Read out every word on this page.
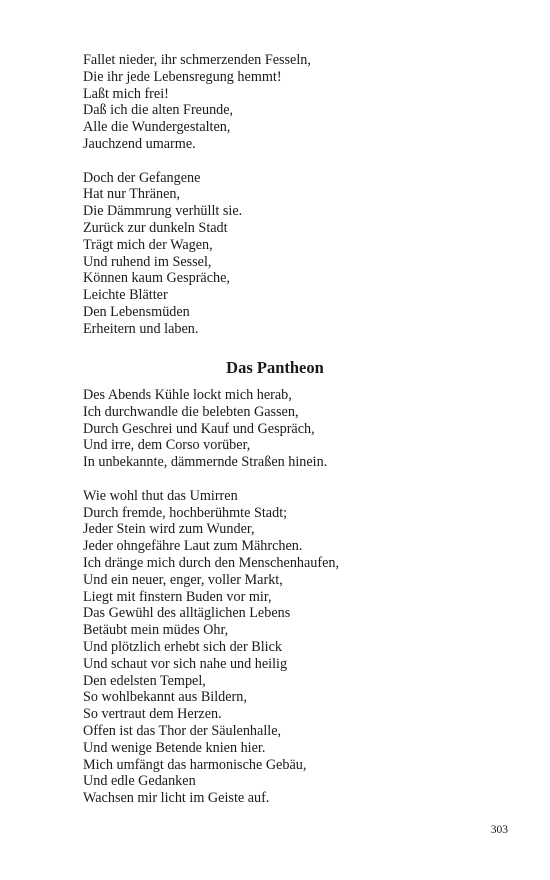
Fallet nieder, ihr schmerzenden Fesseln,
Die ihr jede Lebensregung hemmt!
Laßt mich frei!
Daß ich die alten Freunde,
Alle die Wundergestalten,
Jauchzend umarme.

Doch der Gefangene
Hat nur Thränen,
Die Dämmrung verhüllt sie.
Zurück zur dunkeln Stadt
Trägt mich der Wagen,
Und ruhend im Sessel,
Können kaum Gespräche,
Leichte Blätter
Den Lebensmüden
Erheitern und laben.

Das Pantheon

Des Abends Kühle lockt mich herab,
Ich durchwandle die belebten Gassen,
Durch Geschrei und Kauf und Gespräch,
Und irre, dem Corso vorüber,
In unbekannte, dämmernde Straßen hinein.

Wie wohl thut das Umirren
Durch fremde, hochberühmte Stadt;
Jeder Stein wird zum Wunder,
Jeder ohngefähre Laut zum Mährchen.
Ich dränge mich durch den Menschenhaufen,
Und ein neuer, enger, voller Markt,
Liegt mit finstern Buden vor mir,
Das Gewühl des alltäglichen Lebens
Betäubt mein müdes Ohr,
Und plötzlich erhebt sich der Blick
Und schaut vor sich nahe und heilig
Den edelsten Tempel,
So wohlbekannt aus Bildern,
So vertraut dem Herzen.
Offen ist das Thor der Säulenhalle,
Und wenige Betende knien hier.
Mich umfängt das harmonische Gebäu,
Und edle Gedanken
Wachsen mir licht im Geiste auf.

303
